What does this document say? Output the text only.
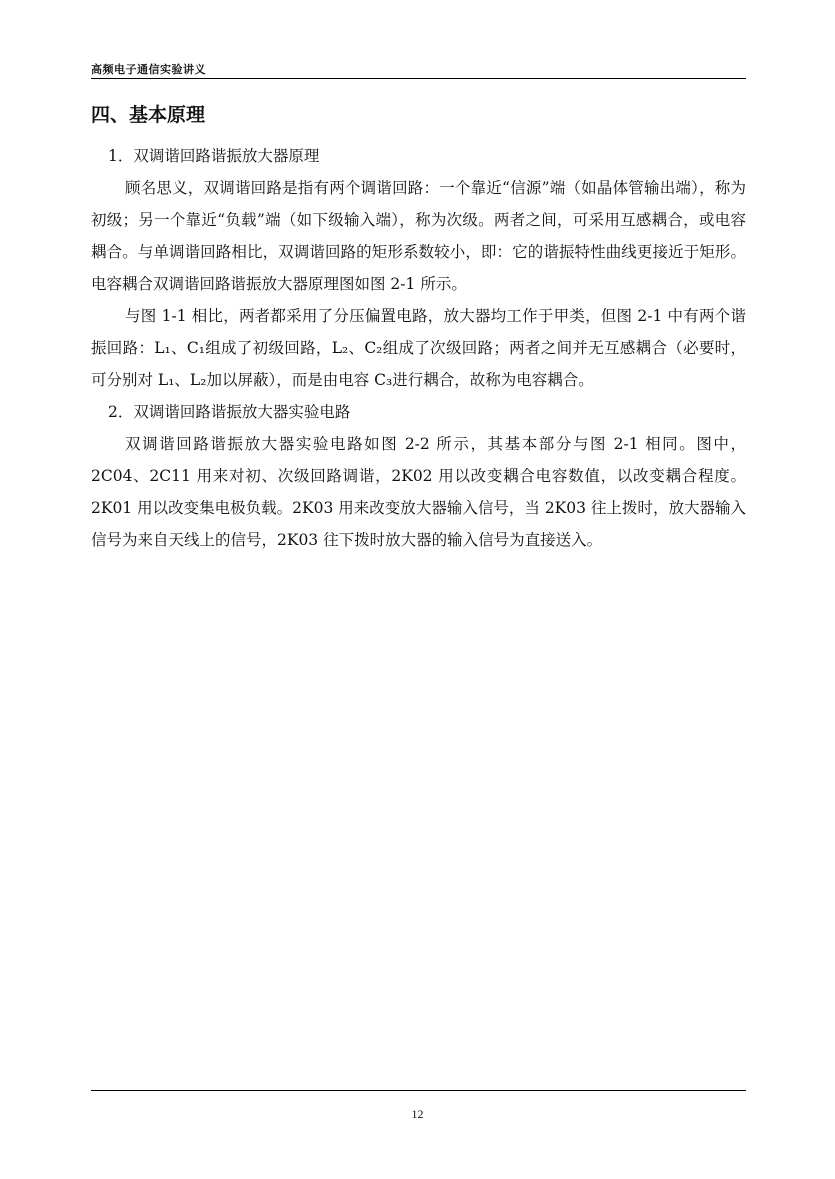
高频电子通信实验讲义
四、基本原理

1．双调谐回路谐振放大器原理

顾名思义，双调谐回路是指有两个调谐回路：一个靠近“信源”端（如晶体管输出端），称为初级；另一个靠近“负载”端（如下级输入端），称为次级。两者之间，可采用互感耦合，或电容耦合。与单调谐回路相比，双调谐回路的矩形系数较小，即：它的谐振特性曲线更接近于矩形。电容耦合双调谐回路谐振放大器原理图如图 2-1 所示。

与图 1-1 相比，两者都采用了分压偏置电路，放大器均工作于甲类，但图 2-1 中有两个谐振回路：L₁、C₁组成了初级回路，L₂、C₂组成了次级回路；两者之间并无互感耦合（必要时，可分别对 L₁、L₂加以屏蔽），而是由电容 C₃进行耦合，故称为电容耦合。

2．双调谐回路谐振放大器实验电路

双调谐回路谐振放大器实验电路如图 2-2 所示，其基本部分与图 2-1 相同。图中，2C04、2C11 用来对初、次级回路调谐，2K02 用以改变耦合电容数值，以改变耦合程度。2K01 用以改变集电极负载。2K03 用来改变放大器输入信号，当 2K03 往上拨时，放大器输入信号为来自天线上的信号，2K03 往下拨时放大器的输入信号为直接送入。

12
